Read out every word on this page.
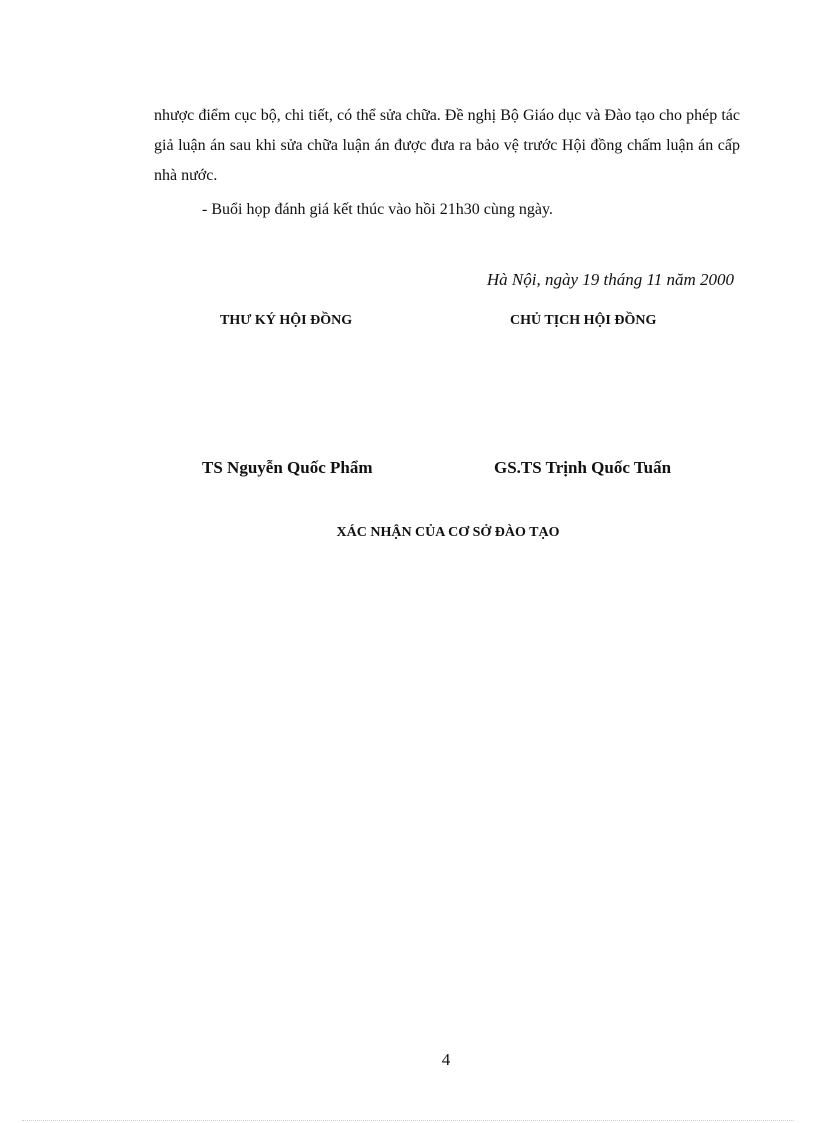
nhược điểm cục bộ, chi tiết, có thể sửa chữa. Đề nghị Bộ Giáo dục và Đào tạo cho phép tác giả luận án sau khi sửa chữa luận án được đưa ra bảo vệ trước Hội đồng chấm luận án cấp nhà nước.
- Buổi họp đánh giá kết thúc vào hồi 21h30 cùng ngày.
Hà Nội, ngày 19 tháng 11 năm 2000
THƯ KÝ HỘI ĐỒNG	CHỦ TỊCH HỘI ĐỒNG
TS Nguyễn Quốc Phẩm	GS.TS Trịnh Quốc Tuấn
XÁC NHẬN CỦA CƠ SỞ ĐÀO TẠO
4
